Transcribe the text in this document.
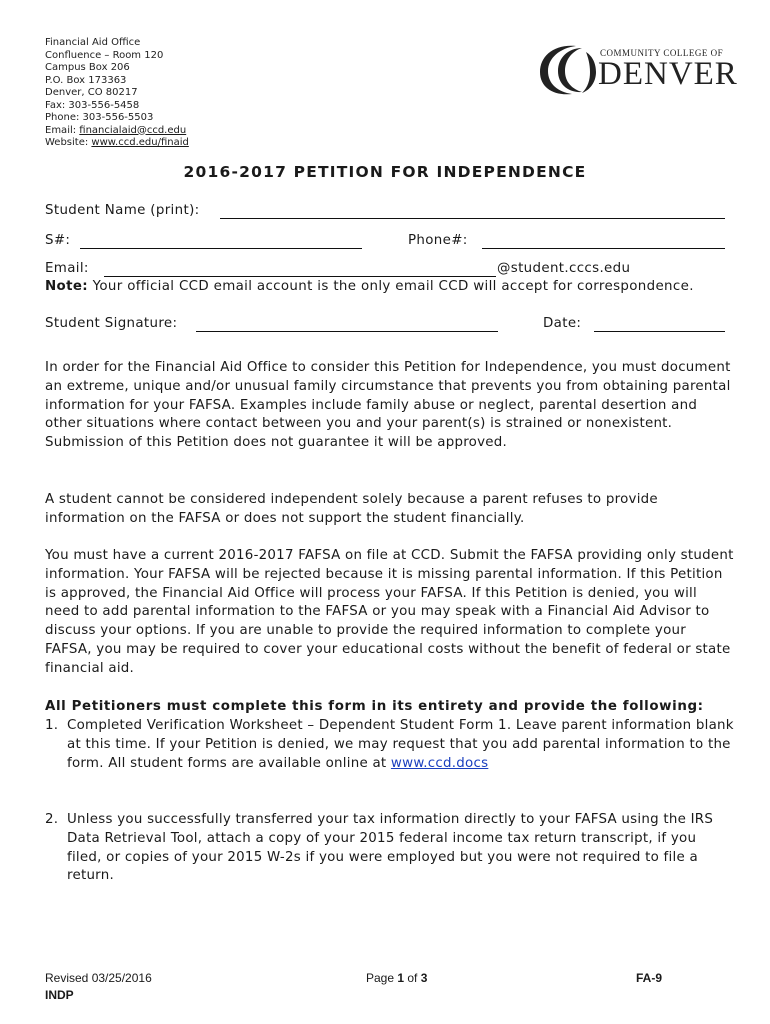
Financial Aid Office
Confluence – Room 120
Campus Box 206
P.O. Box 173363
Denver, CO 80217
Fax: 303-556-5458
Phone: 303-556-5503
Email: financialaid@ccd.edu
Website: www.ccd.edu/finaid
COMMUNITY COLLEGE OF
DENVER
2016-2017 PETITION FOR INDEPENDENCE
Student Name (print):
S#:	Phone#:
Email:	@student.cccs.edu
Note: Your official CCD email account is the only email CCD will accept for correspondence.
Student Signature:	Date:

In order for the Financial Aid Office to consider this Petition for Independence, you must document an extreme, unique and/or unusual family circumstance that prevents you from obtaining parental information for your FAFSA. Examples include family abuse or neglect, parental desertion and other situations where contact between you and your parent(s) is strained or nonexistent. Submission of this Petition does not guarantee it will be approved.

A student cannot be considered independent solely because a parent refuses to provide information on the FAFSA or does not support the student financially.

You must have a current 2016-2017 FAFSA on file at CCD. Submit the FAFSA providing only student information. Your FAFSA will be rejected because it is missing parental information. If this Petition is approved, the Financial Aid Office will process your FAFSA. If this Petition is denied, you will need to add parental information to the FAFSA or you may speak with a Financial Aid Advisor to discuss your options. If you are unable to provide the required information to complete your FAFSA, you may be required to cover your educational costs without the benefit of federal or state financial aid.

All Petitioners must complete this form in its entirety and provide the following:
1. Completed Verification Worksheet – Dependent Student Form 1. Leave parent information blank at this time. If your Petition is denied, we may request that you add parental information to the form. All student forms are available online at www.ccd.docs
2. Unless you successfully transferred your tax information directly to your FAFSA using the IRS Data Retrieval Tool, attach a copy of your 2015 federal income tax return transcript, if you filed, or copies of your 2015 W-2s if you were employed but you were not required to file a return.
Revised 03/25/2016
INDP
Page 1 of 3	FA-9
